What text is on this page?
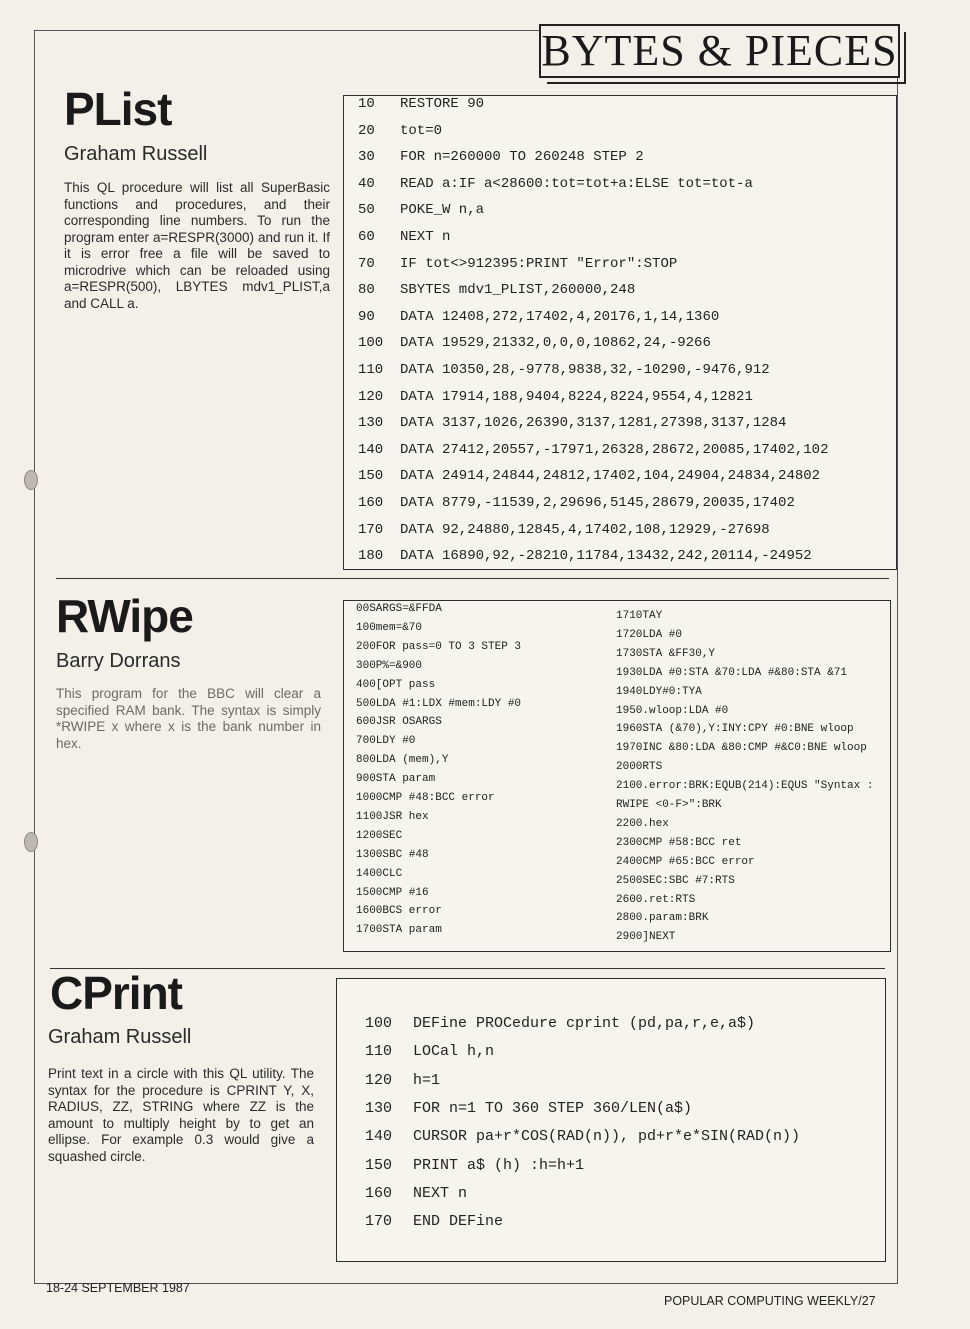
BYTES & PIECES
PList
Graham Russell

This QL procedure will list all SuperBasic functions and procedures, and their corresponding line numbers. To run the program enter a=RESPR(3000) and run it. If it is error free a file will be saved to microdrive which can be reloaded using a=RESPR(500), LBYTES mdv1_PLIST,a and CALL a.

10 RESTORE 90
20 tot=0
30 FOR n=260000 TO 260248 STEP 2
40 READ a:IF a<28600:tot=tot+a:ELSE tot=tot-a
50 POKE_W n,a
60 NEXT n
70 IF tot<>912395:PRINT "Error":STOP
80 SBYTES mdv1_PLIST,260000,248
90 DATA 12408,272,17402,4,20176,1,14,1360
100 DATA 19529,21332,0,0,0,10862,24,-9266
110 DATA 10350,28,-9778,9838,32,-10290,-9476,912
120 DATA 17914,188,9404,8224,8224,9554,4,12821
130 DATA 3137,1026,26390,3137,1281,27398,3137,1284
140 DATA 27412,20557,-17971,26328,28672,20085,17402,102
150 DATA 24914,24844,24812,17402,104,24904,24834,24802
160 DATA 8779,-11539,2,29696,5145,28679,20035,17402
170 DATA 92,24880,12845,4,17402,108,12929,-27698
180 DATA 16890,92,-28210,11784,13432,242,20114,-24952
RWipe
Barry Dorrans

This program for the BBC will clear a specified RAM bank. The syntax is simply *RWIPE x where x is the bank number in hex.

00SARGS=&FFDA
100mem=&70
200FOR pass=0 TO 3 STEP 3
300P%=&900
400[OPT pass
500LDA #1:LDX #mem:LDY #0
600JSR OSARGS
700LDY #0
800LDA (mem),Y
900STA param
1000CMP #48:BCC error
1100JSR hex
1200SEC
1300SBC #48
1400CLC
1500CMP #16
1600BCS error
1700STA param
1710TAY
1720LDA #0
1730STA &FF30,Y
1930LDA #0:STA &70:LDA #&80:STA &71
1940LDY#0:TYA
1950.wloop:LDA #0
1960STA (&70),Y:INY:CPY #0:BNE wloop
1970INC &80:LDA &80:CMP #&C0:BNE wloop
2000RTS
2100.error:BRK:EQUB(214):EQUS "Syntax :
RWIPE <0-F>":BRK
2200.hex
2300CMP #58:BCC ret
2400CMP #65:BCC error
2500SEC:SBC #7:RTS
2600.ret:RTS
2800.param:BRK
2900]NEXT
CPrint
Graham Russell

Print text in a circle with this QL utility. The syntax for the procedure is CPRINT Y, X, RADIUS, ZZ, STRING where ZZ is the amount to multiply height by to get an ellipse. For example 0.3 would give a squashed circle.

100 DEFine PROCedure cprint (pd,pa,r,e,a$)
110 LOCal h,n
120 h=1
130 FOR n=1 TO 360 STEP 360/LEN(a$)
140 CURSOR pa+r*COS(RAD(n)), pd+r*e*SIN(RAD(n))
150 PRINT a$ (h) :h=h+1
160 NEXT n
170 END DEFine
18-24 SEPTEMBER 1987
POPULAR COMPUTING WEEKLY/27
